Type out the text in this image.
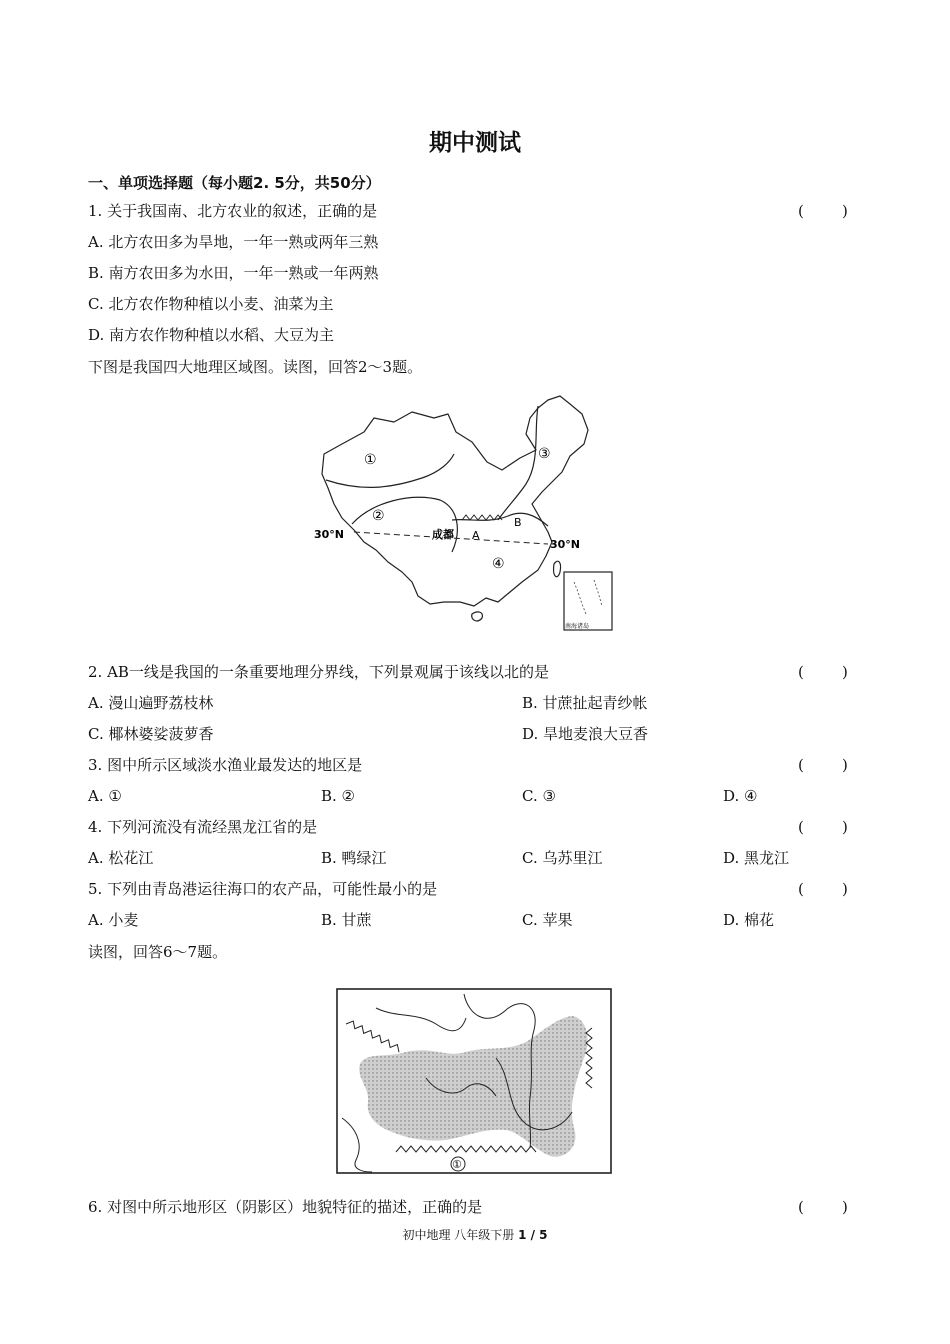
期中测试
一、单项选择题（每小题2. 5分，共50分）
1. 关于我国南、北方农业的叙述，正确的是	(        )
A. 北方农田多为旱地，一年一熟或两年三熟
B. 南方农田多为水田，一年一熟或一年两熟
C. 北方农作物种植以小麦、油菜为主
D. 南方农作物种植以水稻、大豆为主
下图是我国四大地理区域图。读图，回答2～3题。
①
②
③
④
30°N
30°N
成都 A
B
南海诸岛
2. AB一线是我国的一条重要地理分界线，下列景观属于该线以北的是	(        )
A. 漫山遍野荔枝林	B. 甘蔗扯起青纱帐
C. 椰林婆娑菠萝香	D. 旱地麦浪大豆香
3. 图中所示区域淡水渔业最发达的地区是	(        )
A. ①	B. ②	C. ③	D. ④
4. 下列河流没有流经黑龙江省的是	(        )
A. 松花江	B. 鸭绿江	C. 乌苏里江	D. 黑龙江
5. 下列由青岛港运往海口的农产品，可能性最小的是	(        )
A. 小麦	B. 甘蔗	C. 苹果	D. 棉花
读图，回答6～7题。
①
6. 对图中所示地形区（阴影区）地貌特征的描述，正确的是	(        )
初中地理 八年级下册 1 / 5
